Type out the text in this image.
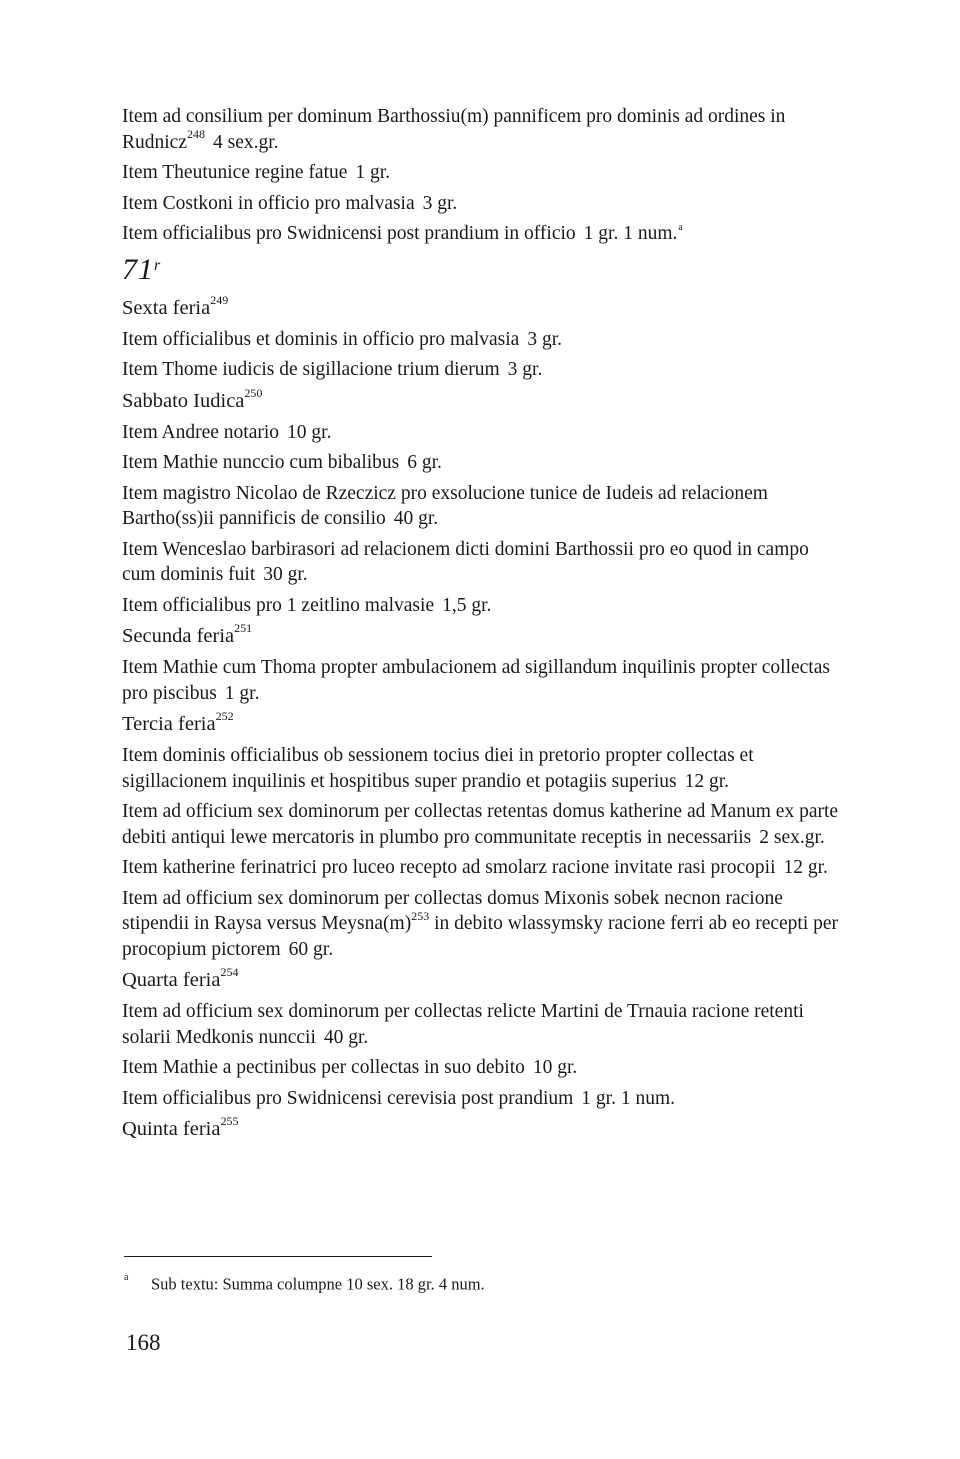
Item ad consilium per dominum Barthossiu(m) pannificem pro dominis ad ordines in Rudnicz$^{248}$ 4 sex.gr.
Item Theutunice regine fatue 1 gr.
Item Costkoni in officio pro malvasia 3 gr.
Item officialibus pro Swidnicensi post prandium in officio 1 gr. 1 num.$^a$
71$^r$
Sexta feria$^{249}$
Item officialibus et dominis in officio pro malvasia 3 gr.
Item Thome iudicis de sigillacione trium dierum 3 gr.
Sabbato Iudica$^{250}$
Item Andree notario 10 gr.
Item Mathie nunccio cum bibalibus 6 gr.
Item magistro Nicolao de Rzeczicz pro exsolucione tunice de Iudeis ad relacionem Bartho(ss)ii pannificis de consilio 40 gr.
Item Wenceslao barbirasori ad relacionem dicti domini Barthossii pro eo quod in campo cum dominis fuit 30 gr.
Item officialibus pro 1 zeitlino malvasie 1,5 gr.
Secunda feria$^{251}$
Item Mathie cum Thoma propter ambulacionem ad sigillandum inquilinis propter collectas pro piscibus 1 gr.
Tercia feria$^{252}$
Item dominis officialibus ob sessionem tocius diei in pretorio propter collectas et sigillacionem inquilinis et hospitibus super prandio et potagiis superius 12 gr.
Item ad officium sex dominorum per collectas retentas domus katherine ad Manum ex parte debiti antiqui lewe mercatoris in plumbo pro communitate receptis in necessariis 2 sex.gr.
Item katherine ferinatrici pro luceo recepto ad smolarz racione invitate rasi procopii 12 gr.
Item ad officium sex dominorum per collectas domus Mixonis sobek necnon racione stipendii in Raysa versus $Meysna(m)^{253}$ in debito wlassymsky racione ferri ab eo recepti per procopium pictorem 60 gr.
Quarta feria$^{254}$
Item ad officium sex dominorum per collectas relicte Martini de Trnauia racione retenti solarii Medkonis nunccii 40 gr.
Item Mathie a pectinibus per collectas in suo debito 10 gr.
Item officialibus pro Swidnicensi cerevisia post prandium 1 gr. 1 num.
Quinta feria$^{255}$
a Sub textu: Summa columpne 10 sex. 18 gr. 4 num.
168
